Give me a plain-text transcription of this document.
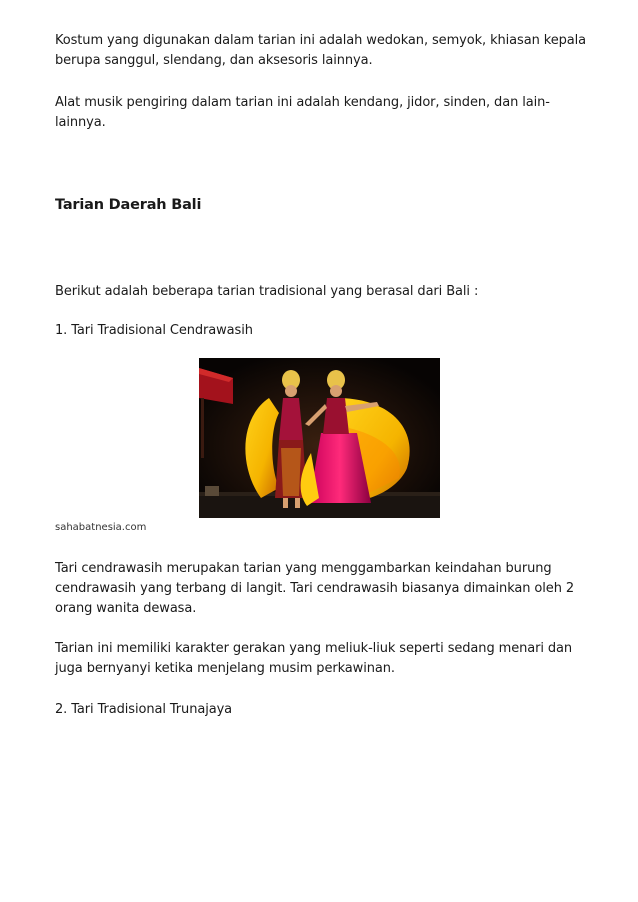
Kostum yang digunakan dalam tarian ini adalah wedokan, semyok, khiasan kepala berupa sanggul, slendang, dan aksesoris lainnya.

Alat musik pengiring dalam tarian ini adalah kendang, jidor, sinden, dan lain-lainnya.

Tarian Daerah Bali

Berikut adalah beberapa tarian tradisional yang berasal dari Bali :

1. Tari Tradisional Cendrawasih

sahabatnesia.com

Tari cendrawasih merupakan tarian yang menggambarkan keindahan burung cendrawasih yang terbang di langit. Tari cendrawasih biasanya dimainkan oleh 2 orang wanita dewasa.

Tarian ini memiliki karakter gerakan yang meliuk-liuk seperti sedang menari dan juga bernyanyi ketika menjelang musim perkawinan.

2. Tari Tradisional Trunajaya
